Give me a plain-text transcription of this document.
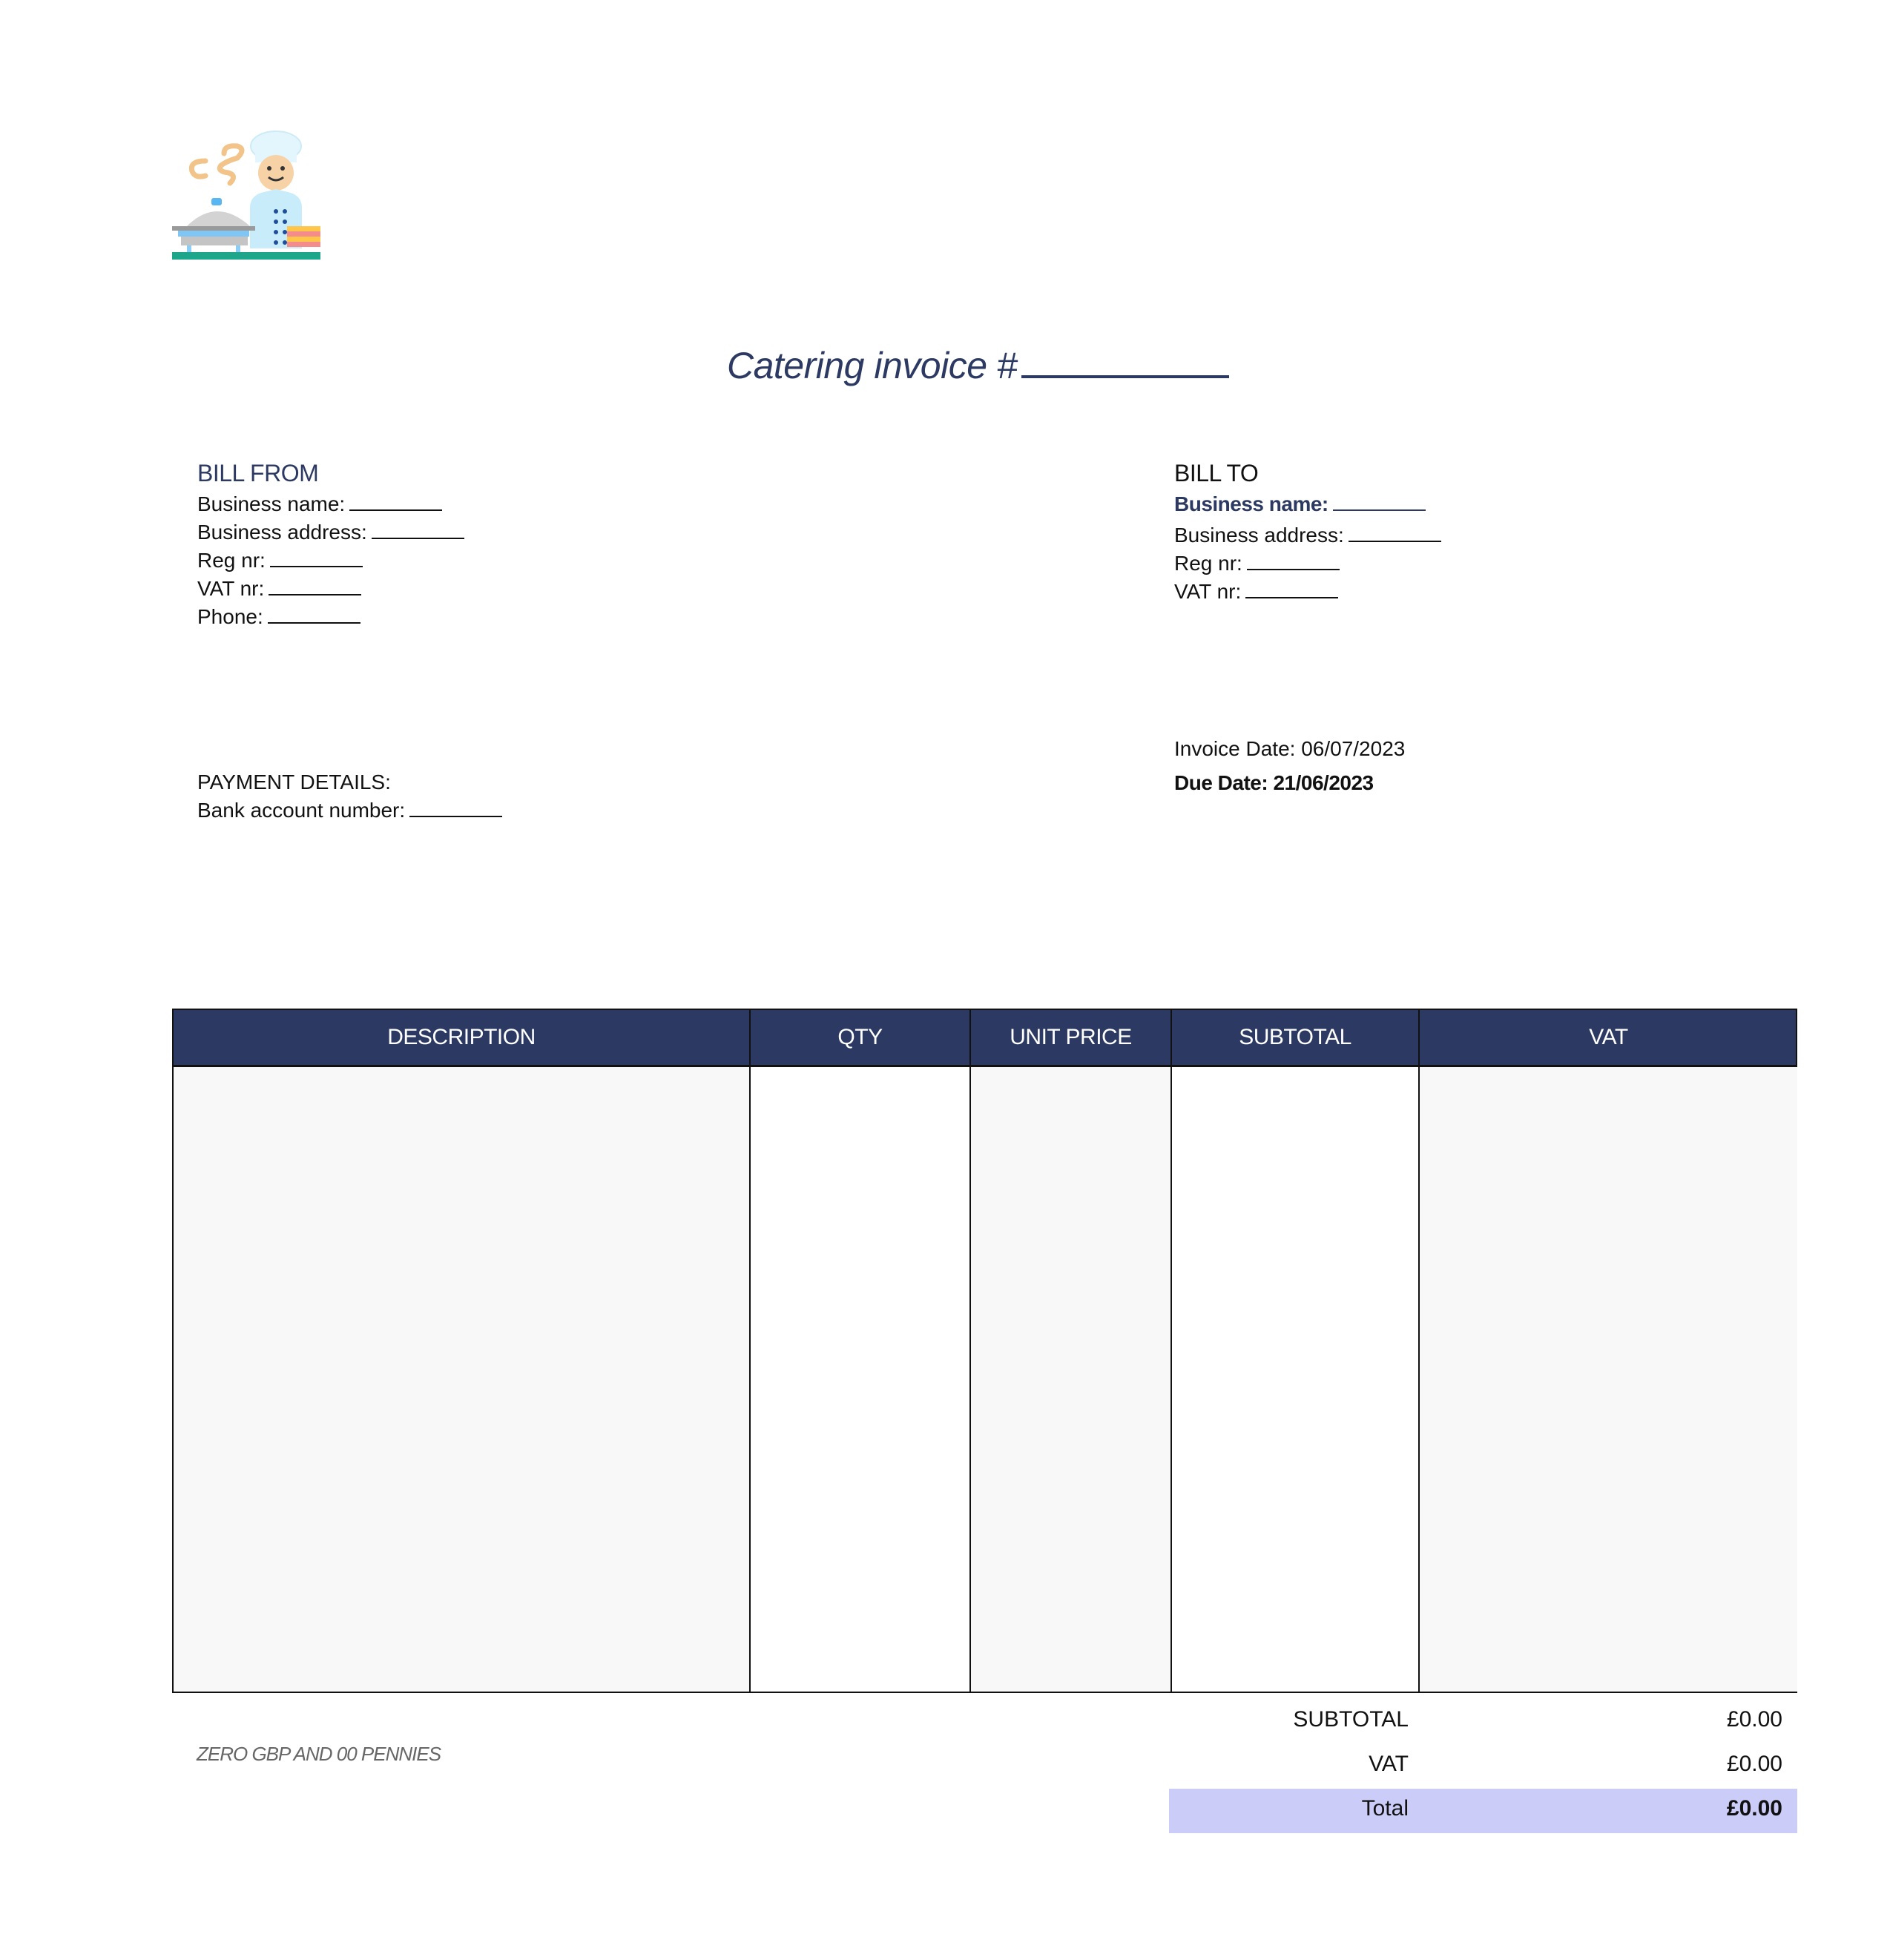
Catering invoice #
BILL FROM
Business name:
Business address:
Reg nr:
VAT nr:
Phone:
BILL TO
Business name:
Business address:
Reg nr:
VAT nr:
Invoice Date: 06/07/2023
Due Date: 21/06/2023
PAYMENT DETAILS:
Bank account number:
DESCRIPTION	QTY	UNIT PRICE	SUBTOTAL	VAT
ZERO GBP AND 00 PENNIES
SUBTOTAL	£0.00
VAT	£0.00
Total	£0.00
